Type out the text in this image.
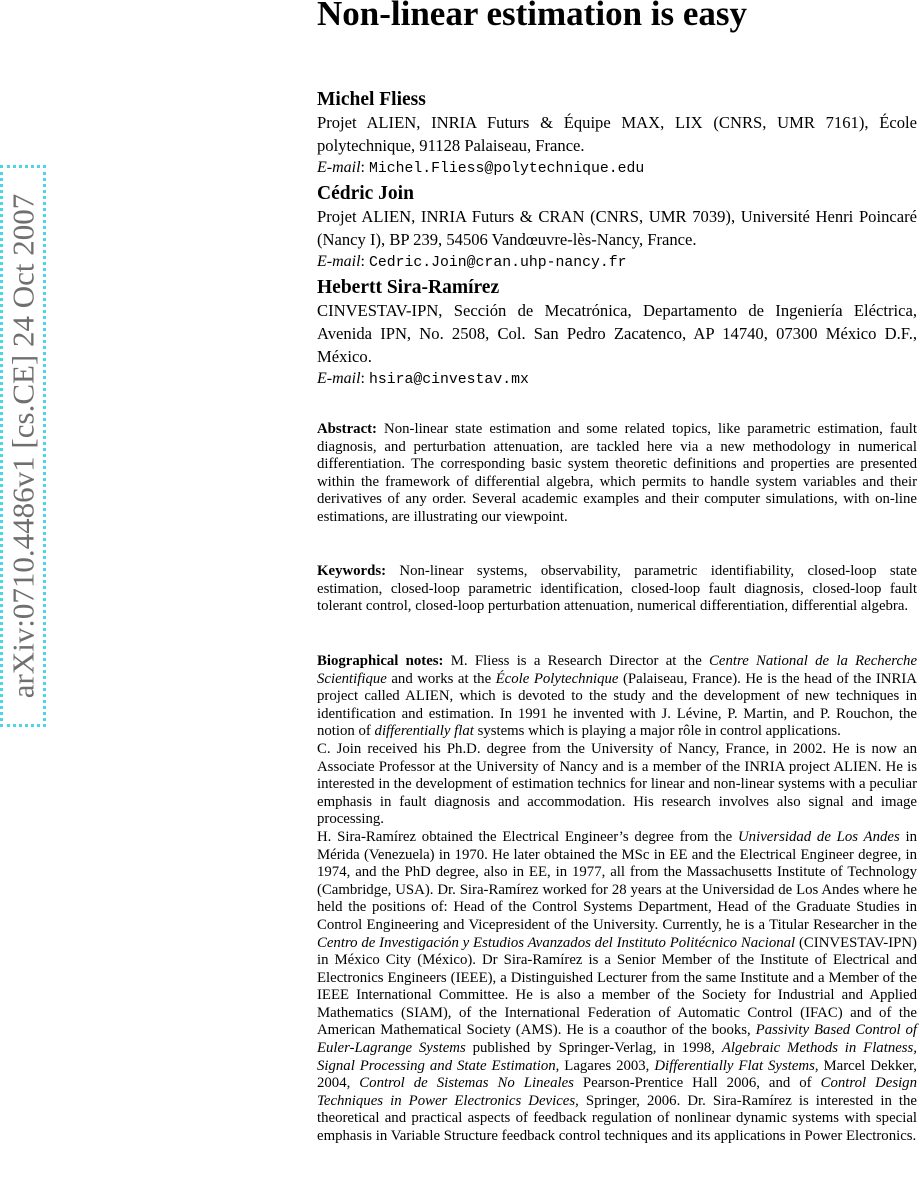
arXiv:0710.4486v1 [cs.CE] 24 Oct 2007
Non-linear estimation is easy

Michel Fliess

Projet ALIEN, INRIA Futurs & Équipe MAX, LIX (CNRS, UMR 7161), École polytechnique, 91128 Palaiseau, France.

E-mail: Michel.Fliess@polytechnique.edu

Cédric Join

Projet ALIEN, INRIA Futurs & CRAN (CNRS, UMR 7039), Université Henri Poincaré (Nancy I), BP 239, 54506 Vandœuvre-lès-Nancy, France.

E-mail: Cedric.Join@cran.uhp-nancy.fr

Hebertt Sira-Ramírez

CINVESTAV-IPN, Sección de Mecatrónica, Departamento de Ingeniería Eléctrica, Avenida IPN, No. 2508, Col. San Pedro Zacatenco, AP 14740, 07300 México D.F., México.

E-mail: hsira@cinvestav.mx

Abstract: Non-linear state estimation and some related topics, like parametric estimation, fault diagnosis, and perturbation attenuation, are tackled here via a new methodology in numerical differentiation. The corresponding basic system theoretic definitions and properties are presented within the framework of differential algebra, which permits to handle system variables and their derivatives of any order. Several academic examples and their computer simulations, with on-line estimations, are illustrating our viewpoint.

Keywords: Non-linear systems, observability, parametric identifiability, closed-loop state estimation, closed-loop parametric identification, closed-loop fault diagnosis, closed-loop fault tolerant control, closed-loop perturbation attenuation, numerical differentiation, differential algebra.

Biographical notes: M. Fliess is a Research Director at the Centre National de la Recherche Scientifique and works at the École Polytechnique (Palaiseau, France). He is the head of the INRIA project called ALIEN, which is devoted to the study and the development of new techniques in identification and estimation. In 1991 he invented with J. Lévine, P. Martin, and P. Rouchon, the notion of differentially flat systems which is playing a major rôle in control applications.

C. Join received his Ph.D. degree from the University of Nancy, France, in 2002. He is now an Associate Professor at the University of Nancy and is a member of the INRIA project ALIEN. He is interested in the development of estimation technics for linear and non-linear systems with a peculiar emphasis in fault diagnosis and accommodation. His research involves also signal and image processing.

H. Sira-Ramírez obtained the Electrical Engineer’s degree from the Universidad de Los Andes in Mérida (Venezuela) in 1970. He later obtained the MSc in EE and the Electrical Engineer degree, in 1974, and the PhD degree, also in EE, in 1977, all from the Massachusetts Institute of Technology (Cambridge, USA). Dr. Sira-Ramírez worked for 28 years at the Universidad de Los Andes where he held the positions of: Head of the Control Systems Department, Head of the Graduate Studies in Control Engineering and Vicepresident of the University. Currently, he is a Titular Researcher in the Centro de Investigación y Estudios Avanzados del Instituto Politécnico Nacional (CINVESTAV-IPN) in México City (México). Dr Sira-Ramírez is a Senior Member of the Institute of Electrical and Electronics Engineers (IEEE), a Distinguished Lecturer from the same Institute and a Member of the IEEE International Committee. He is also a member of the Society for Industrial and Applied Mathematics (SIAM), of the International Federation of Automatic Control (IFAC) and of the American Mathematical Society (AMS). He is a coauthor of the books, Passivity Based Control of Euler-Lagrange Systems published by Springer-Verlag, in 1998, Algebraic Methods in Flatness, Signal Processing and State Estimation, Lagares 2003, Differentially Flat Systems, Marcel Dekker, 2004, Control de Sistemas No Lineales Pearson-Prentice Hall 2006, and of Control Design Techniques in Power Electronics Devices, Springer, 2006. Dr. Sira-Ramírez is interested in the theoretical and practical aspects of feedback regulation of nonlinear dynamic systems with special emphasis in Variable Structure feedback control techniques and its applications in Power Electronics.
